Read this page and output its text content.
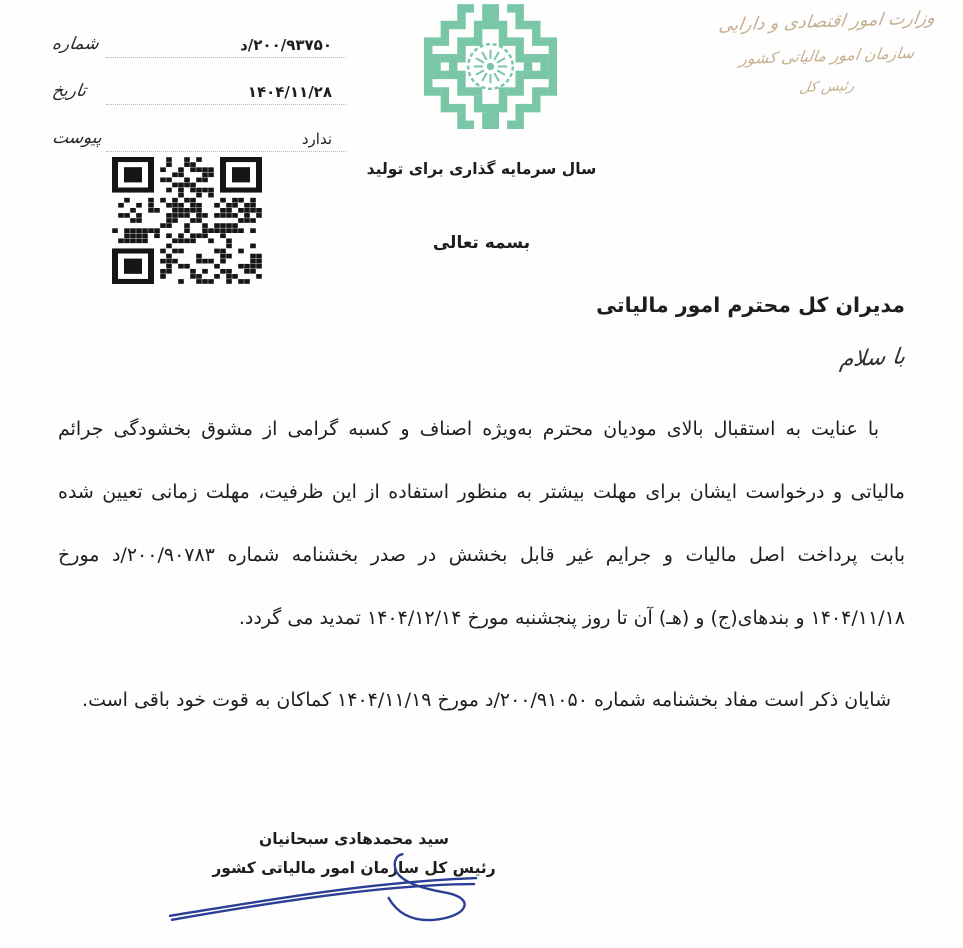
۲۰۰/۹۳۷۵۰/د
شماره
۱۴۰۴/۱۱/۲۸
تاریخ
ندارد
پیوست
وزارت امور اقتصادی و دارایی
سازمان امور مالیاتی کشور
رئیس کل
سال سرمایه گذاری برای تولید
بسمه تعالی
مدیران کل محترم امور مالیاتی
با سلام

با عنایت به استقبال بالای مودیان محترم به‌ویژه اصناف و کسبه گرامی از مشوق بخشودگی جرائم مالیاتی و درخواست ایشان برای مهلت بیشتر به منظور استفاده از این ظرفیت، مهلت زمانی تعیین شده بابت پرداخت اصل مالیات و جرایم غیر قابل بخشش در صدر بخشنامه شماره ۲۰۰/۹۰۷۸۳/د مورخ ۱۴۰۴/۱۱/۱۸ و بندهای(ج) و (هـ) آن تا روز پنجشنبه مورخ ۱۴۰۴/۱۲/۱۴ تمدید می گردد.

شایان ذکر است مفاد بخشنامه شماره ۲۰۰/۹۱۰۵۰/د مورخ ۱۴۰۴/۱۱/۱۹ کماکان به قوت خود باقی است.

سید محمدهادی سبحانیان
رئیس کل سازمان امور مالیاتی کشور
